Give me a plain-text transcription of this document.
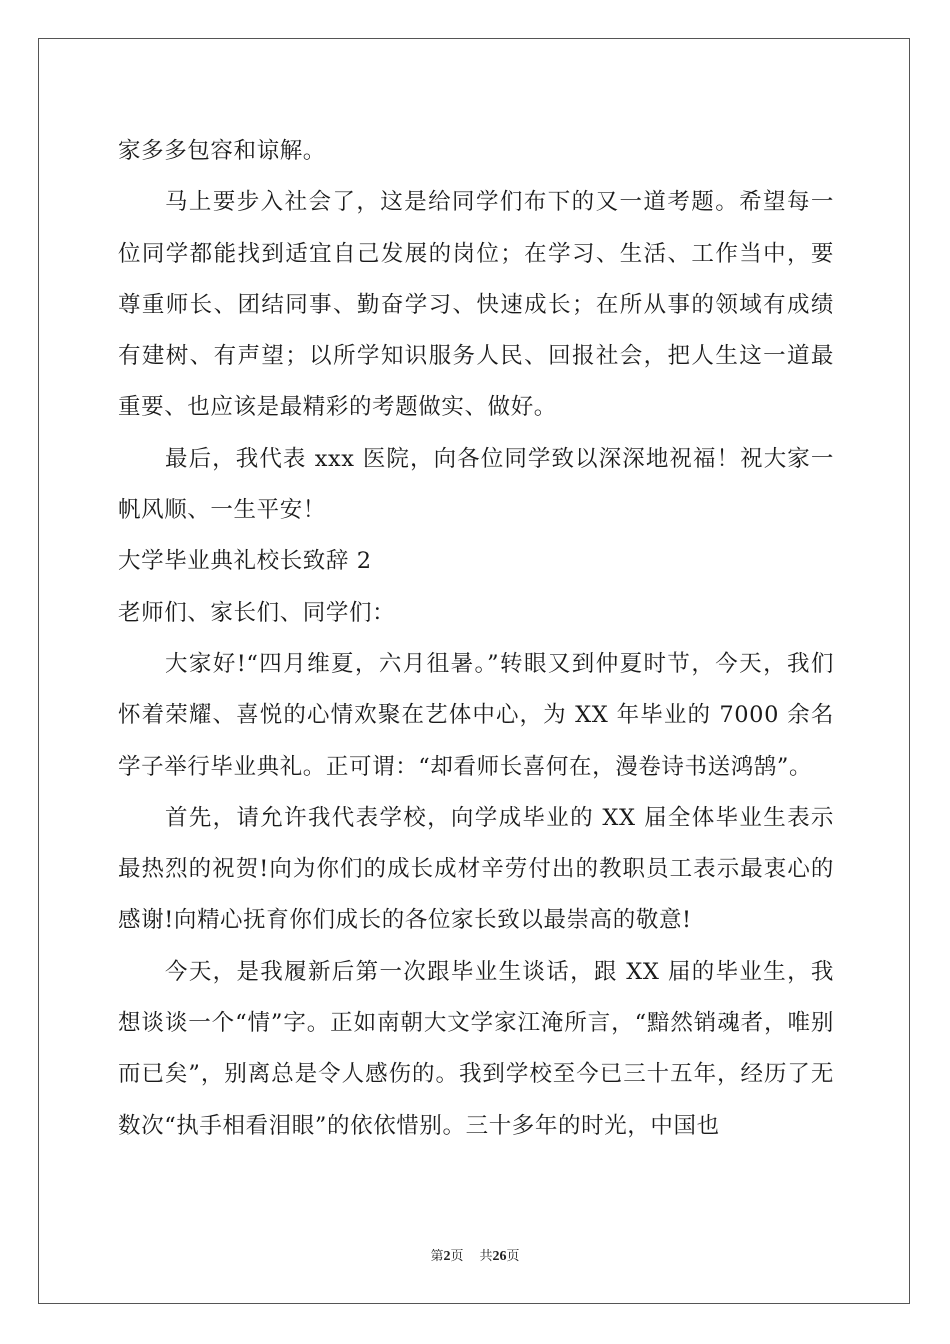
家多多包容和谅解。

马上要步入社会了，这是给同学们布下的又一道考题。希望每一位同学都能找到适宜自己发展的岗位；在学习、生活、工作当中，要尊重师长、团结同事、勤奋学习、快速成长；在所从事的领域有成绩有建树、有声望；以所学知识服务人民、回报社会，把人生这一道最重要、也应该是最精彩的考题做实、做好。

最后，我代表 xxx 医院，向各位同学致以深深地祝福！祝大家一帆风顺、一生平安！

大学毕业典礼校长致辞 2

老师们、家长们、同学们：

大家好!“四月维夏，六月徂暑。”转眼又到仲夏时节，今天，我们怀着荣耀、喜悦的心情欢聚在艺体中心，为 XX 年毕业的 7000 余名学子举行毕业典礼。正可谓：“却看师长喜何在，漫卷诗书送鸿鹄”。

首先，请允许我代表学校，向学成毕业的 XX 届全体毕业生表示最热烈的祝贺!向为你们的成长成材辛劳付出的教职员工表示最衷心的感谢!向精心抚育你们成长的各位家长致以最崇高的敬意!

今天，是我履新后第一次跟毕业生谈话，跟 XX 届的毕业生，我想谈谈一个“情”字。正如南朝大文学家江淹所言，“黯然销魂者，唯别而已矣”，别离总是令人感伤的。我到学校至今已三十五年，经历了无数次“执手相看泪眼”的依依惜别。三十多年的时光，中国也

第2页 共26页
